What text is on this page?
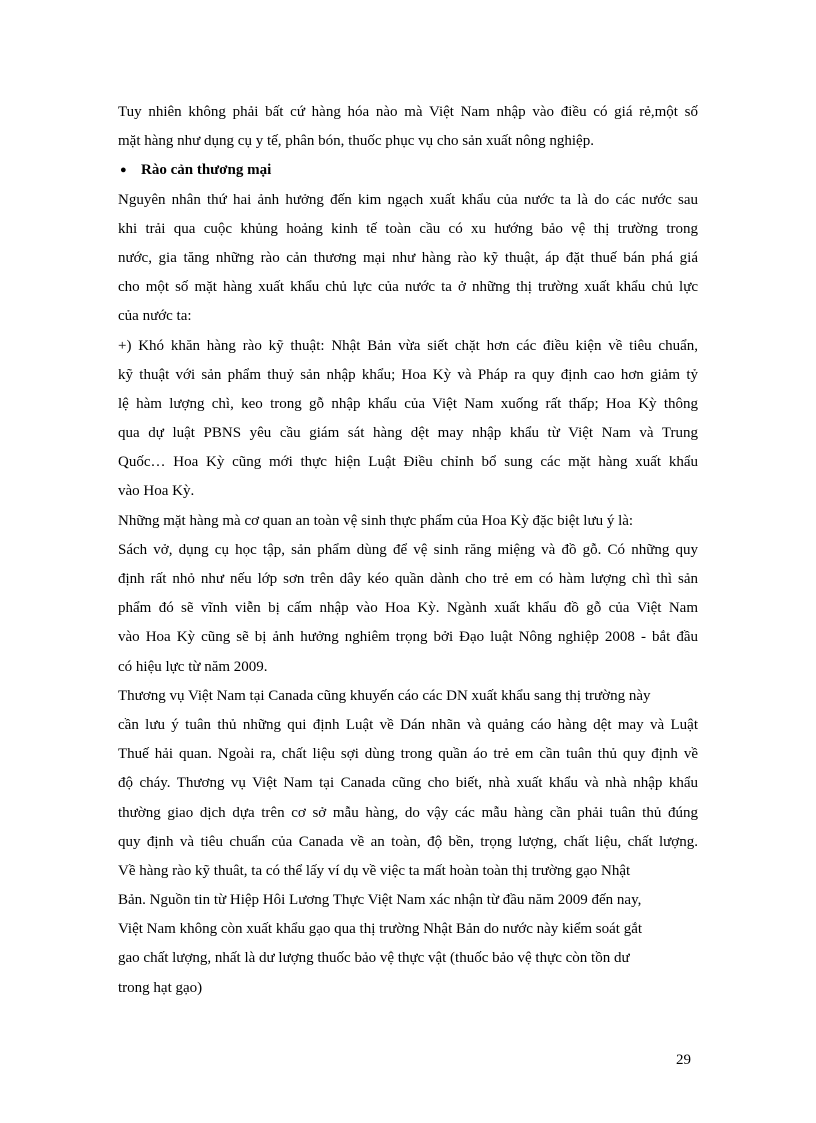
Tuy nhiên không phải bất cứ hàng hóa nào mà Việt Nam nhập vào điều có giá rẻ,một số
mặt hàng như dụng cụ y tế, phân bón, thuốc phục vụ cho sản xuất nông nghiệp.
● Rào cản thương mại
Nguyên nhân thứ hai ảnh hưởng đến kim ngạch xuất khẩu của nước ta là do các nước sau
khi trải qua cuộc khủng hoảng kinh tế toàn cầu có xu hướng bảo vệ thị trường trong
nước, gia tăng những rào cản thương mại như hàng rào kỹ thuật, áp đặt thuế bán phá giá
cho một số mặt hàng xuất khẩu chủ lực của nước ta ở những thị trường xuất khẩu chủ lực
của nước ta:
+) Khó khăn hàng rào kỹ thuật: Nhật Bản vừa siết chặt hơn các điều kiện về tiêu chuẩn,
kỹ thuật với sản phẩm thuỷ sản nhập khẩu; Hoa Kỳ và Pháp ra quy định cao hơn giảm tỷ
lệ hàm lượng chì, keo trong gỗ nhập khẩu của Việt Nam xuống rất thấp; Hoa Kỳ thông
qua dự luật PBNS yêu cầu giám sát hàng dệt may nhập khẩu từ Việt Nam và Trung
Quốc… Hoa Kỳ cũng mới thực hiện Luật Điều chỉnh bổ sung các mặt hàng xuất khẩu
vào Hoa Kỳ.
Những mặt hàng mà cơ quan an toàn vệ sinh thực phẩm của Hoa Kỳ đặc biệt lưu ý là:
Sách vở, dụng cụ học tập, sản phẩm dùng để vệ sinh răng miệng và đồ gỗ. Có những quy
định rất nhỏ như nếu lớp sơn trên dây kéo quần dành cho trẻ em có hàm lượng chì thì sản
phẩm đó sẽ vĩnh viễn bị cấm nhập vào Hoa Kỳ. Ngành xuất khẩu đồ gỗ của Việt Nam
vào Hoa Kỳ cũng sẽ bị ảnh hưởng nghiêm trọng bởi Đạo luật Nông nghiệp 2008 - bắt đầu
có hiệu lực từ năm 2009.
Thương vụ Việt Nam tại Canada cũng khuyến cáo các DN xuất khẩu sang thị trường này
cần lưu ý tuân thủ những qui định Luật về Dán nhãn và quảng cáo hàng dệt may và Luật
Thuế hải quan. Ngoài ra, chất liệu sợi dùng trong quần áo trẻ em cần tuân thủ quy định về
độ cháy. Thương vụ Việt Nam tại Canada cũng cho biết, nhà xuất khẩu và nhà nhập khẩu
thường giao dịch dựa trên cơ sở mẫu hàng, do vậy các mẫu hàng cần phải tuân thủ đúng
quy định và tiêu chuẩn của Canada về an toàn, độ bền, trọng lượng, chất liệu, chất lượng.
Về hàng rào kỹ thuât, ta có thể lấy ví dụ về việc ta mất hoàn toàn thị trường gạo Nhật
Bản. Nguồn tin từ Hiệp Hôi Lương Thực Việt Nam xác nhận từ đầu năm 2009 đến nay,
Việt Nam không còn xuất khẩu gạo qua thị trường Nhật Bản do nước này kiểm soát gắt
gao chất lượng, nhất là dư lượng thuốc bảo vệ thực vật (thuốc bảo vệ thực còn tồn dư
trong hạt gạo)
29
